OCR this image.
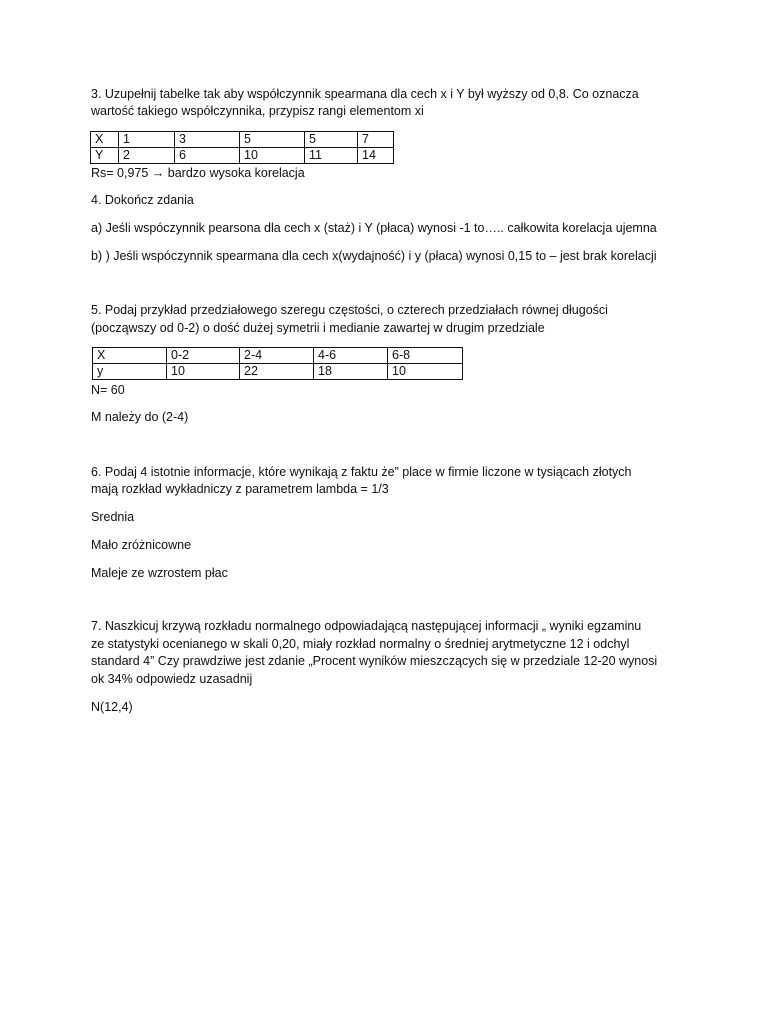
3. Uzupełnij tabelke tak aby współczynnik spearmana dla cech x i Y był wyższy od 0,8. Co oznacza

wartość takiego współczynnika, przypisz rangi elementom xi

X	1	3	5	5	7
Y	2	6	10	11	14

Rs= 0,975 → bardzo wysoka korelacja

4. Dokończ zdania

a) Jeśli wspóczynnik pearsona dla cech x (staż) i Y (płaca) wynosi -1 to….. całkowita korelacja ujemna

b) ) Jeśli wspóczynnik spearmana dla cech x(wydajność) i y (płaca) wynosi 0,15 to – jest brak korelacji

5. Podaj przykład przedziałowego szeregu częstości, o czterech przedziałach równej długości

(począwszy od 0-2) o dość dużej symetrii i medianie zawartej w drugim przedziale

X	0-2	2-4	4-6	6-8
y	10	22	18	10

N= 60

M należy do (2-4)

6. Podaj 4 istotnie informacje, które wynikają z faktu że” place w firmie liczone w tysiącach złotych

mają rozkład wykładniczy z parametrem lambda = 1/3

Srednia

Mało zróżnicowne

Maleje ze wzrostem płac

7. Naszkicuj krzywą rozkładu normalnego odpowiadającą następującej informacji „ wyniki egzaminu

ze statystyki ocenianego w skali 0,20, miały rozkład normalny o średniej arytmetyczne 12 i odchyl

standard 4” Czy prawdziwe jest zdanie „Procent wyników mieszczących się w przedziale 12-20 wynosi

ok 34% odpowiedz uzasadnij

N(12,4)
